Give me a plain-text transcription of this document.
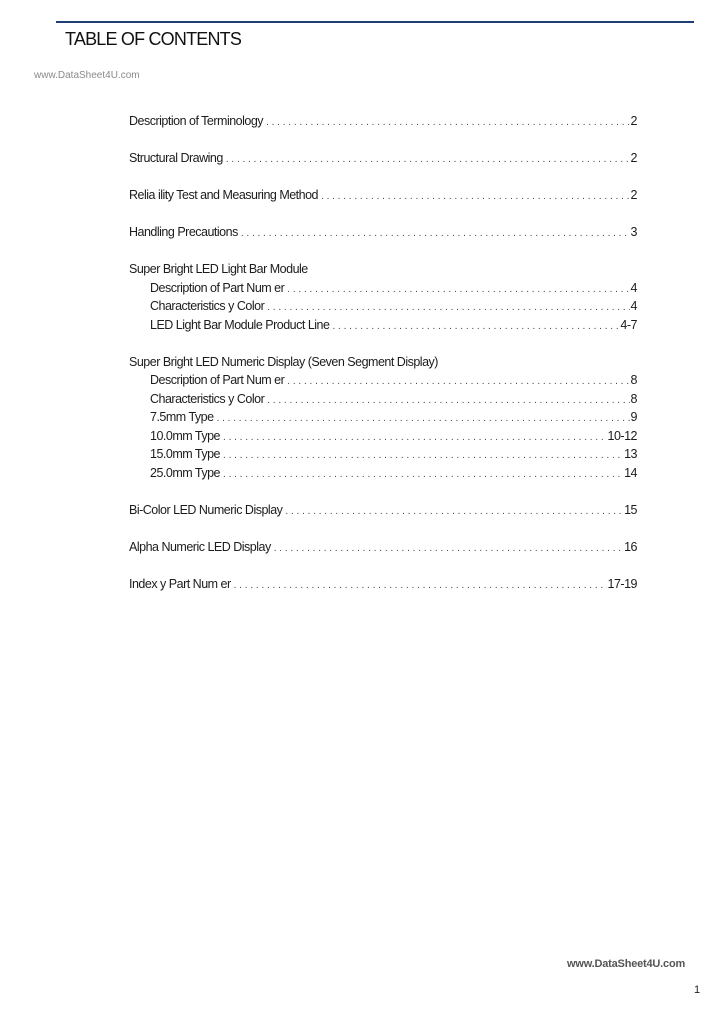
TABLE OF CONTENTS
www.DataSheet4U.com
Description of Terminology . . .	2
Structural Drawing . . .	2
Relia ility Test and Measuring Method . . .	2
Handling Precautions . . .	3
Super Bright LED Light Bar Module
Description of Part Num er . . .	4
Characteristics y Color . . .	4
LED Light Bar Module Product Line . . .	4-7
Super Bright LED Numeric Display (Seven Segment Display)
Description of Part Num er . . .	8
Characteristics y Color . . .	8
7.5mm Type . . .	9
10.0mm Type . . .	10-12
15.0mm Type . . .	13
25.0mm Type . . .	14
Bi-Color LED Numeric Display . . .	15
Alpha Numeric LED Display . . .	16
Index y Part Num er . . .	17-19
www.DataSheet4U.com
1
